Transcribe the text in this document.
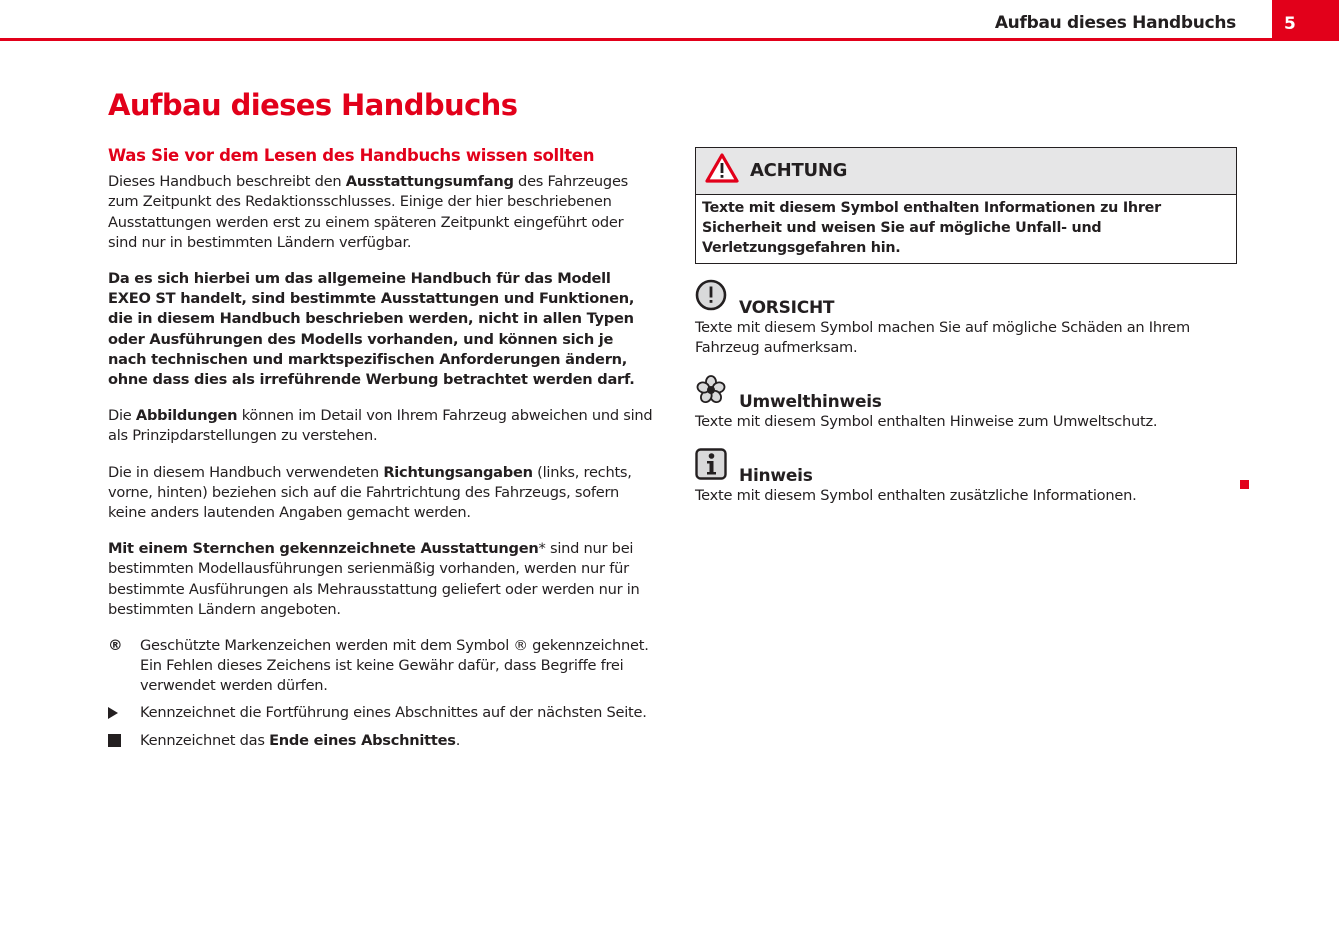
Aufbau dieses Handbuchs	5
Aufbau dieses Handbuchs
Was Sie vor dem Lesen des Handbuchs wissen sollten

Dieses Handbuch beschreibt den Ausstattungsumfang des Fahrzeuges zum Zeitpunkt des Redaktionsschlusses. Einige der hier beschriebenen Ausstattungen werden erst zu einem späteren Zeitpunkt eingeführt oder sind nur in bestimmten Ländern verfügbar.

Da es sich hierbei um das allgemeine Handbuch für das Modell EXEO ST handelt, sind bestimmte Ausstattungen und Funktionen, die in diesem Handbuch beschrieben werden, nicht in allen Typen oder Ausführungen des Modells vorhanden, und können sich je nach technischen und marktspezifischen Anforderungen ändern, ohne dass dies als irreführende Werbung betrachtet werden darf.

Die Abbildungen können im Detail von Ihrem Fahrzeug abweichen und sind als Prinzipdarstellungen zu verstehen.

Die in diesem Handbuch verwendeten Richtungsangaben (links, rechts, vorne, hinten) beziehen sich auf die Fahrtrichtung des Fahrzeugs, sofern keine anders lautenden Angaben gemacht werden.

Mit einem Sternchen gekennzeichnete Ausstattungen* sind nur bei bestimmten Modellausführungen serienmäßig vorhanden, werden nur für bestimmte Ausführungen als Mehrausstattung geliefert oder werden nur in bestimmten Ländern angeboten.

®	Geschützte Markenzeichen werden mit dem Symbol ® gekennzeichnet. Ein Fehlen dieses Zeichens ist keine Gewähr dafür, dass Begriffe frei verwendet werden dürfen.
Kennzeichnet die Fortführung eines Abschnittes auf der nächsten Seite.
Kennzeichnet das Ende eines Abschnittes.
ACHTUNG
Texte mit diesem Symbol enthalten Informationen zu Ihrer Sicherheit und weisen Sie auf mögliche Unfall- und Verletzungsgefahren hin.
VORSICHT
Texte mit diesem Symbol machen Sie auf mögliche Schäden an Ihrem Fahrzeug aufmerksam.
Umwelthinweis
Texte mit diesem Symbol enthalten Hinweise zum Umweltschutz.
Hinweis
Texte mit diesem Symbol enthalten zusätzliche Informationen.
